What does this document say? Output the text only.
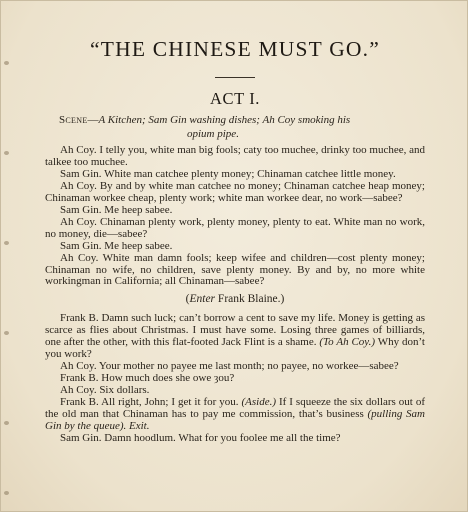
“THE CHINESE MUST GO.”
ACT I.
Scene—A Kitchen; Sam Gin washing dishes; Ah Coy smoking his
opium pipe.

Ah Coy. I telly you, white man big fools; caty too muchee, drinky too muchee, and talkee too muchee.

Sam Gin. White man catchee plenty money; Chinaman catchee little money.

Ah Coy. By and by white man catchee no money; Chinaman catchee heap money; Chinaman workee cheap, plenty work; white man workee dear, no work—sabee?

Sam Gin. Me heep sabee.

Ah Coy. Chinaman plenty work, plenty money, plenty to eat. White man no work, no money, die—sabee?

Sam Gin. Me heep sabee.

Ah Coy. White man damn fools; keep wifee and children—cost plenty money; Chinaman no wife, no children, save plenty money. By and by, no more white workingman in California; all Chinaman—sabee?

(Enter Frank Blaine.)

Frank B. Damn such luck; can’t borrow a cent to save my life. Money is getting as scarce as flies about Christmas. I must have some. Losing three games of billiards, one after the other, with this flat-footed Jack Flint is a shame. (To Ah Coy.) Why don’t you work?

Ah Coy. Your mother no payee me last month; no payee, no workee—sabee?

Frank B. How much does she owe ȝou?

Ah Coy. Six dollars.

Frank B. All right, John; I get it for you. (Aside.) If I squeeze the six dollars out of the old man that Chinaman has to pay me commission, that’s business (pulling Sam Gin by the queue). Exit.

Sam Gin. Damn hoodlum. What for you foolee me all the time?
